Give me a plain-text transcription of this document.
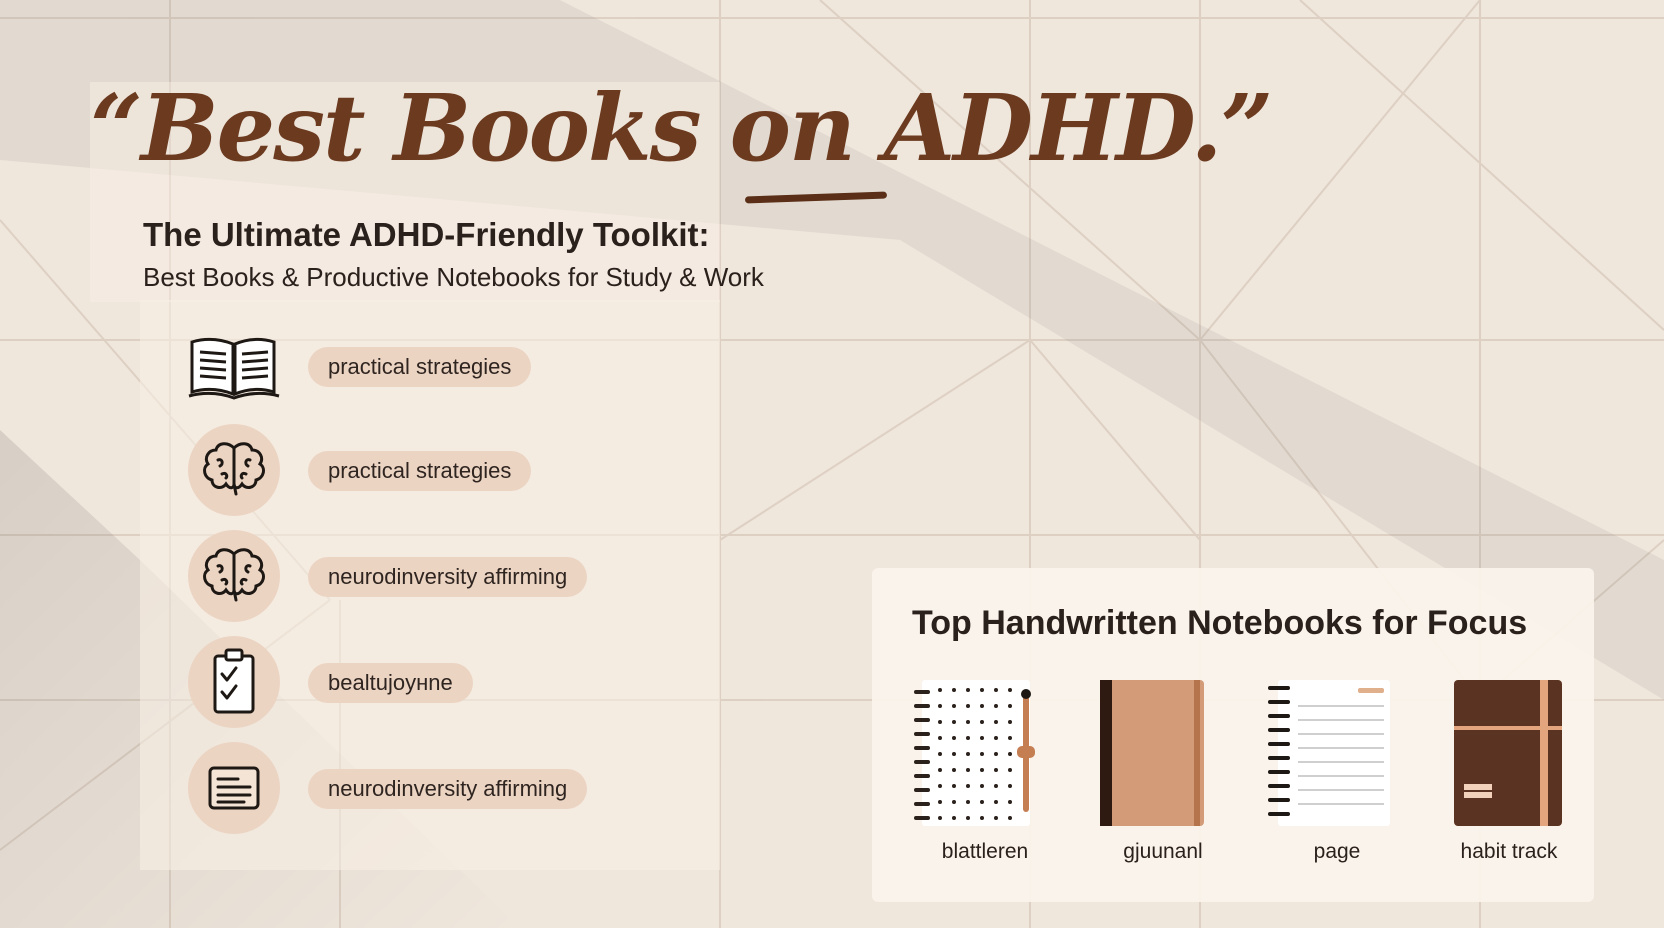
“Best Books on ADHD.”
The Ultimate ADHD-Friendly Toolkit:

Best Books & Productive Notebooks for Study & Work

practical strategies
practical strategies
neurodinversity affirming
bealtujoyн⁠ne
neurodinversity affirming
Top Handwritten Notebooks for Focus
blattleren	gjuunanl	page	habit track
